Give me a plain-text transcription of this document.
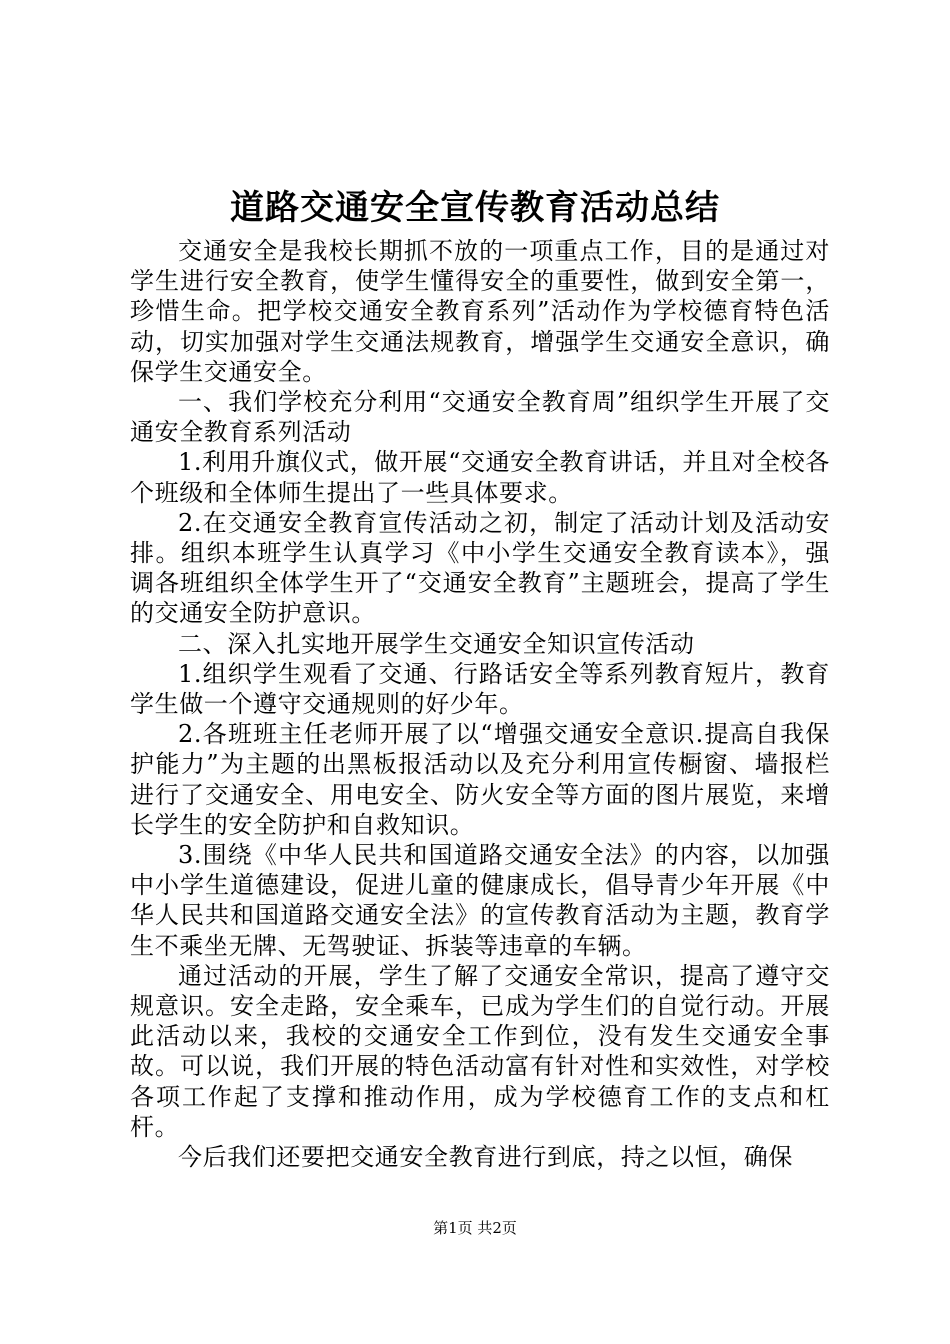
道路交通安全宣传教育活动总结

交通安全是我校长期抓不放的一项重点工作，目的是通过对学生进行安全教育，使学生懂得安全的重要性，做到安全第一，珍惜生命。把学校交通安全教育系列”活动作为学校德育特色活动，切实加强对学生交通法规教育，增强学生交通安全意识，确保学生交通安全。

一、我们学校充分利用“交通安全教育周”组织学生开展了交通安全教育系列活动

1.利用升旗仪式，做开展“交通安全教育讲话，并且对全校各个班级和全体师生提出了一些具体要求。

2.在交通安全教育宣传活动之初，制定了活动计划及活动安排。组织本班学生认真学习《中小学生交通安全教育读本》，强调各班组织全体学生开了“交通安全教育”主题班会，提高了学生的交通安全防护意识。

二、深入扎实地开展学生交通安全知识宣传活动

1.组织学生观看了交通、行路话安全等系列教育短片，教育学生做一个遵守交通规则的好少年。

2.各班班主任老师开展了以“增强交通安全意识.提高自我保护能力”为主题的出黑板报活动以及充分利用宣传橱窗、墙报栏进行了交通安全、用电安全、防火安全等方面的图片展览，来增长学生的安全防护和自救知识。

3.围绕《中华人民共和国道路交通安全法》的内容，以加强中小学生道德建设，促进儿童的健康成长，倡导青少年开展《中华人民共和国道路交通安全法》的宣传教育活动为主题，教育学生不乘坐无牌、无驾驶证、拆装等违章的车辆。

通过活动的开展，学生了解了交通安全常识，提高了遵守交规意识。安全走路，安全乘车，已成为学生们的自觉行动。开展此活动以来，我校的交通安全工作到位，没有发生交通安全事故。可以说，我们开展的特色活动富有针对性和实效性，对学校各项工作起了支撑和推动作用，成为学校德育工作的支点和杠杆。

今后我们还要把交通安全教育进行到底，持之以恒，确保

第1页 共2页
